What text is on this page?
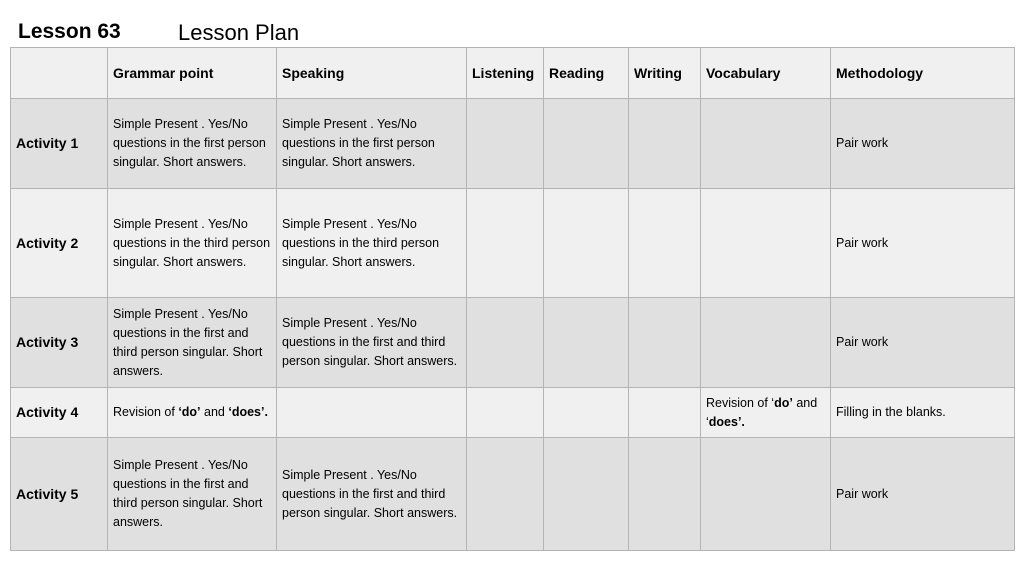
Lesson 63	Lesson Plan
	Grammar point	Speaking	Listening	Reading	Writing	Vocabulary	Methodology
Activity 1	Simple Present . Yes/No questions in the first person singular. Short answers.	Simple Present . Yes/No questions in the first person singular. Short answers.					Pair work
Activity 2	Simple Present . Yes/No questions in the third person singular. Short answers.	Simple Present . Yes/No questions in the third person singular. Short answers.					Pair work
Activity 3	Simple Present . Yes/No questions in the first and third person singular. Short answers.	Simple Present . Yes/No questions in the first and third person singular. Short answers.					Pair work
Activity 4	Revision of ‘do’ and ‘does’.					Revision of ‘do’ and ‘does’.	Filling in the blanks.
Activity 5	Simple Present . Yes/No questions in the first and third person singular. Short answers.	Simple Present . Yes/No questions in the first and third person singular. Short answers.					Pair work
